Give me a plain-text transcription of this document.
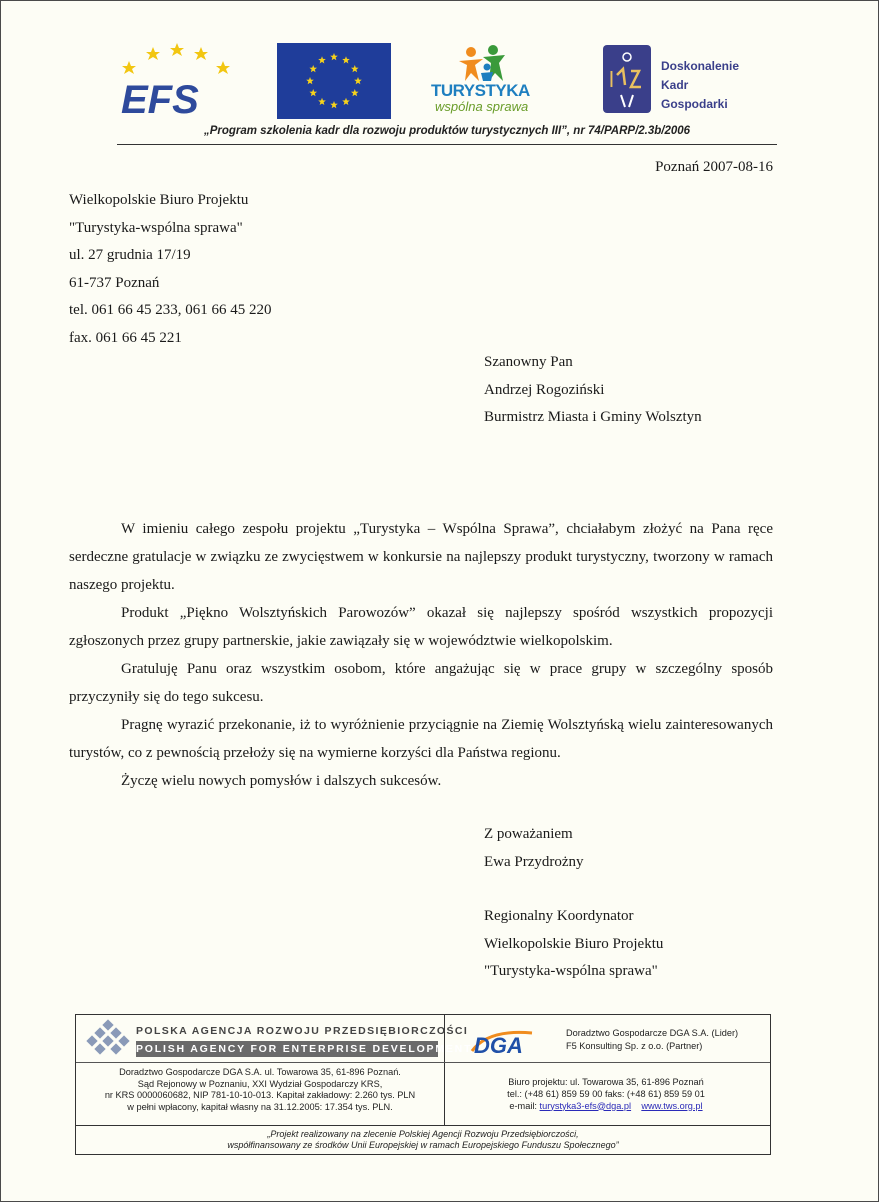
EFS	TURYSTYKA
wspólna sprawa
l
Doskonalenie
Kadr
Gospodarki
„Program szkolenia kadr dla rozwoju produktów turystycznych III”, nr 74/PARP/2.3b/2006
Poznań 2007-08-16
Wielkopolskie Biuro Projektu
"Turystyka-wspólna sprawa"
ul. 27 grudnia 17/19
61-737 Poznań
tel. 061 66 45 233, 061 66 45 220
fax. 061 66 45 221
Szanowny Pan
Andrzej Rogoziński
Burmistrz Miasta i Gminy Wolsztyn

W imieniu całego zespołu projektu „Turystyka – Wspólna Sprawa”, chciałabym złożyć na Pana ręce serdeczne gratulacje w związku ze zwycięstwem w konkursie na najlepszy produkt turystyczny, tworzony w ramach naszego projektu.

Produkt „Piękno Wolsztyńskich Parowozów” okazał się najlepszy spośród wszystkich propozycji zgłoszonych przez grupy partnerskie, jakie zawiązały się w województwie wielkopolskim.

Gratuluję Panu oraz wszystkim osobom, które angażując się w prace grupy w szczególny sposób przyczyniły się do tego sukcesu.

Pragnę wyrazić przekonanie, iż to wyróżnienie przyciągnie na Ziemię Wolsztyńską wielu zainteresowanych turystów, co z pewnością przełoży się na wymierne korzyści dla Państwa regionu.

Życzę wielu nowych pomysłów i dalszych sukcesów.

Z poważaniem
Ewa Przydrożny
Regionalny Koordynator
Wielkopolskie Biuro Projektu
"Turystyka-wspólna sprawa"
POLSKA AGENCJA ROZWOJU PRZEDSIĘBIORCZOŚCI
POLISH AGENCY FOR ENTERPRISE DEVELOPMENT
Doradztwo Gospodarcze DGA S.A. ul. Towarowa 35, 61-896 Poznań.
Sąd Rejonowy w Poznaniu, XXI Wydział Gospodarczy KRS,
nr KRS 0000060682, NIP 781-10-10-013. Kapitał zakładowy: 2.260 tys. PLN
w pełni wpłacony, kapitał własny na 31.12.2005: 17.354 tys. PLN.
DGA	Doradztwo Gospodarcze DGA S.A. (Lider)
F5 Konsulting Sp. z o.o. (Partner)
Biuro projektu: ul. Towarowa 35, 61-896 Poznań
tel.: (+48 61) 859 59 00 faks: (+48 61) 859 59 01
e-mail: turystyka3-efs@dga.pl www.tws.org.pl
„Projekt realizowany na zlecenie Polskiej Agencji Rozwoju Przedsiębiorczości,
współfinansowany ze środków Unii Europejskiej w ramach Europejskiego Funduszu Społecznego”
